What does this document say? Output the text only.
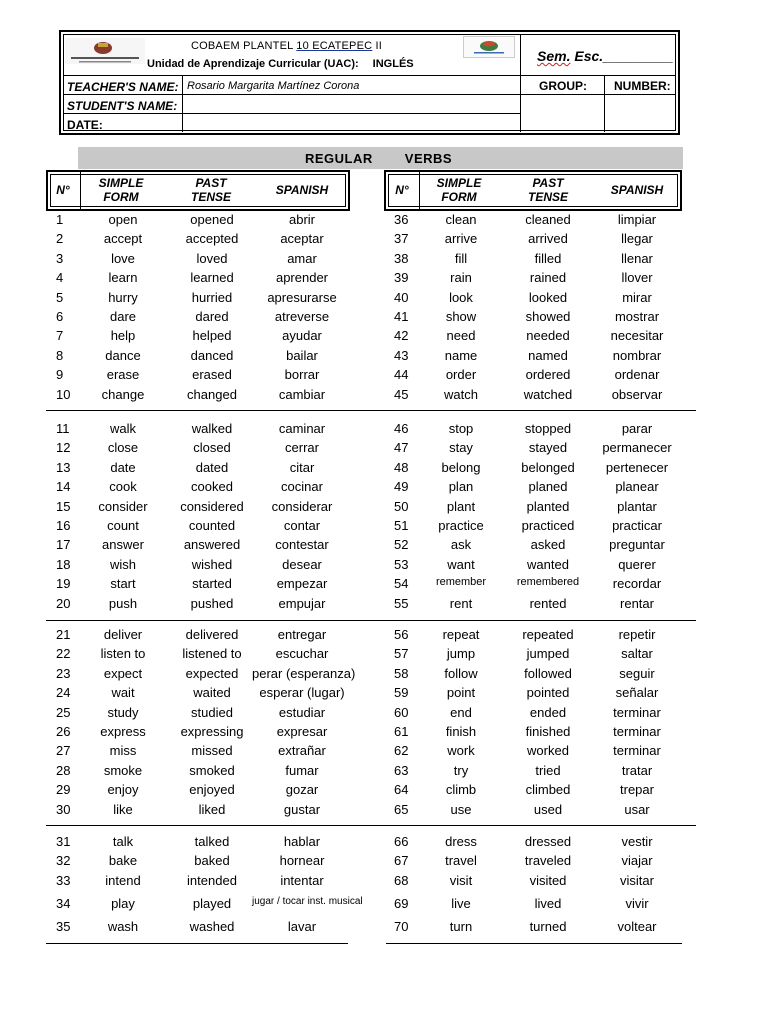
COBAEM PLANTEL 10 ECATEPEC II
Unidad de Aprendizaje Curricular (UAC): INGLÉS	Sem. Esc._________
TEACHER'S NAME: Rosario Margarita Martínez Corona
STUDENT'S NAME:
DATE:
GROUP: NUMBER:
REGULAR VERBS
N°	SIMPLE
FORM
PAST
TENSE	SPANISH	N°	SIMPLE
FORM
PAST
TENSE	SPANISH
1	open	opened	abrir
2	accept	accepted	aceptar
3	love	loved	amar
4	learn	learned	aprender
5	hurry	hurried	apresurarse
6	dare	dared	atreverse
7	help	helped	ayudar
8	dance	danced	bailar
9	erase	erased	borrar
10	change	changed	cambiar
11	walk	walked	caminar
12	close	closed	cerrar
13	date	dated	citar
14	cook	cooked	cocinar
15	consider	considered	considerar
16	count	counted	contar
17	answer	answered	contestar
18	wish	wished	desear
19	start	started	empezar
20	push	pushed	empujar
21	deliver	delivered	entregar
22	listen to	listened to	escuchar
23	expect	expected	perar (esperanza)
24	wait	waited	esperar (lugar)
25	study	studied	estudiar
26	express	expressing	expresar
27	miss	missed	extrañar
28	smoke	smoked	fumar
29	enjoy	enjoyed	gozar
30	like	liked	gustar
31	talk	talked	hablar
32	bake	baked	hornear
33	intend	intended	intentar
34	play	played	jugar / tocar inst. musical
35	wash	washed	lavar
36	clean	cleaned	limpiar
37	arrive	arrived	llegar
38	fill	filled	llenar
39	rain	rained	llover
40	look	looked	mirar
41	show	showed	mostrar
42	need	needed	necesitar
43	name	named	nombrar
44	order	ordered	ordenar
45	watch	watched	observar
46	stop	stopped	parar
47	stay	stayed	permanecer
48	belong	belonged	pertenecer
49	plan	planed	planear
50	plant	planted	plantar
51	practice	practiced	practicar
52	ask	asked	preguntar
53	want	wanted	querer
54	remember	remembered	recordar
55	rent	rented	rentar
56	repeat	repeated	repetir
57	jump	jumped	saltar
58	follow	followed	seguir
59	point	pointed	señalar
60	end	ended	terminar
61	finish	finished	terminar
62	work	worked	terminar
63	try	tried	tratar
64	climb	climbed	trepar
65	use	used	usar
66	dress	dressed	vestir
67	travel	traveled	viajar
68	visit	visited	visitar
69	live	lived	vivir
70	turn	turned	voltear
